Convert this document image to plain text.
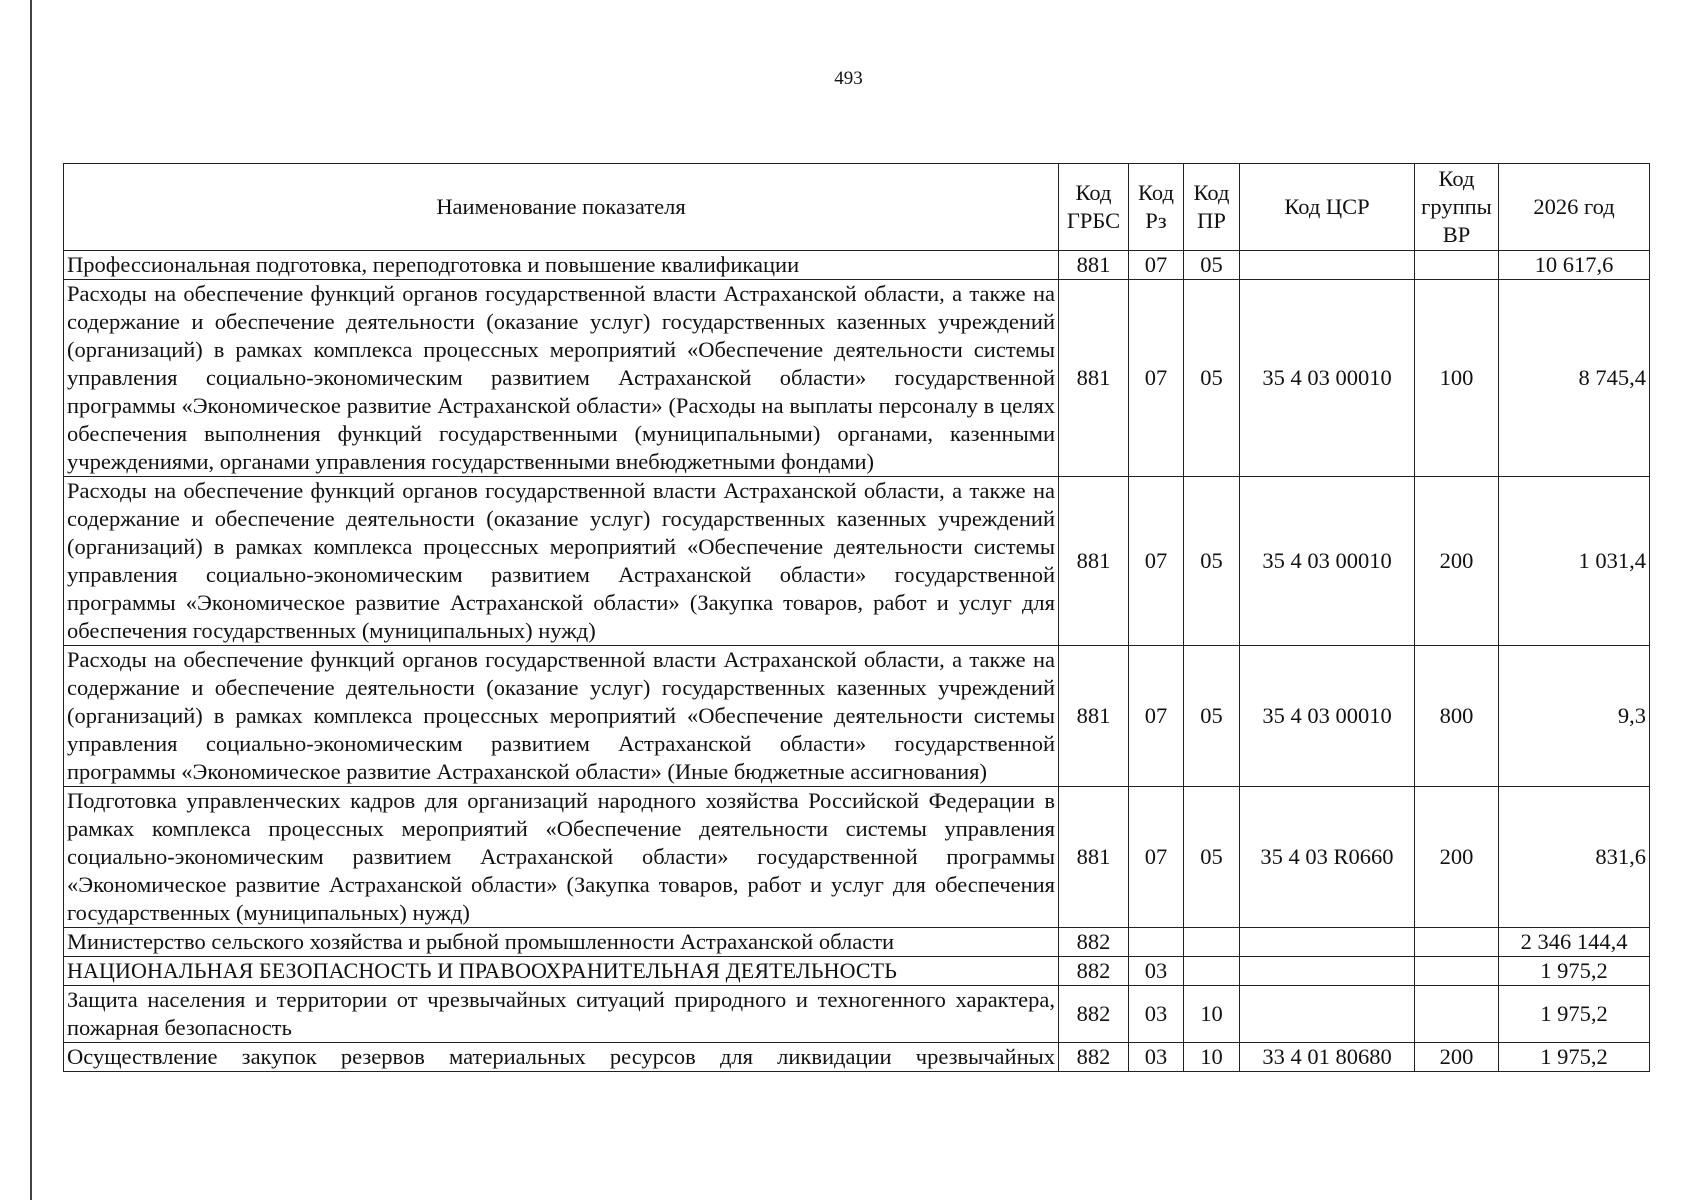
493
Наименование показателя	Код ГРБС	Код Рз	Код ПР	Код ЦСР	Код группы ВР	2026 год
Профессиональная подготовка, переподготовка и повышение квалификации	881	07	05			10 617,6
Расходы на обеспечение функций органов государственной власти Астраханской области, а также на содержание и обеспечение деятельности (оказание услуг) государственных казенных учреждений (организаций) в рамках комплекса процессных мероприятий «Обеспечение деятельности системы управления социально-экономическим развитием Астраханской области» государственной программы «Экономическое развитие Астраханской области» (Расходы на выплаты персоналу в целях обеспечения выполнения функций государственными (муниципальными) органами, казенными учреждениями, органами управления государственными внебюджетными фондами)	881	07	05	35 4 03 00010	100	8 745,4
Расходы на обеспечение функций органов государственной власти Астраханской области, а также на содержание и обеспечение деятельности (оказание услуг) государственных казенных учреждений (организаций) в рамках комплекса процессных мероприятий «Обеспечение деятельности системы управления социально-экономическим развитием Астраханской области» государственной программы «Экономическое развитие Астраханской области» (Закупка товаров, работ и услуг для обеспечения государственных (муниципальных) нужд)	881	07	05	35 4 03 00010	200	1 031,4
Расходы на обеспечение функций органов государственной власти Астраханской области, а также на содержание и обеспечение деятельности (оказание услуг) государственных казенных учреждений (организаций) в рамках комплекса процессных мероприятий «Обеспечение деятельности системы управления социально-экономическим развитием Астраханской области» государственной программы «Экономическое развитие Астраханской области» (Иные бюджетные ассигнования)	881	07	05	35 4 03 00010	800	9,3
Подготовка управленческих кадров для организаций народного хозяйства Российской Федерации в рамках комплекса процессных мероприятий «Обеспечение деятельности системы управления социально-экономическим развитием Астраханской области» государственной программы «Экономическое развитие Астраханской области» (Закупка товаров, работ и услуг для обеспечения государственных (муниципальных) нужд)	881	07	05	35 4 03 R0660	200	831,6
Министерство сельского хозяйства и рыбной промышленности Астраханской области	882					2 346 144,4
НАЦИОНАЛЬНАЯ БЕЗОПАСНОСТЬ И ПРАВООХРАНИТЕЛЬНАЯ ДЕЯТЕЛЬНОСТЬ	882	03				1 975,2
Защита населения и территории от чрезвычайных ситуаций природного и техногенного характера, пожарная безопасность	882	03	10			1 975,2
Осуществление закупок резервов материальных ресурсов для ликвидации чрезвычайных	882	03	10	33 4 01 80680	200	1 975,2
